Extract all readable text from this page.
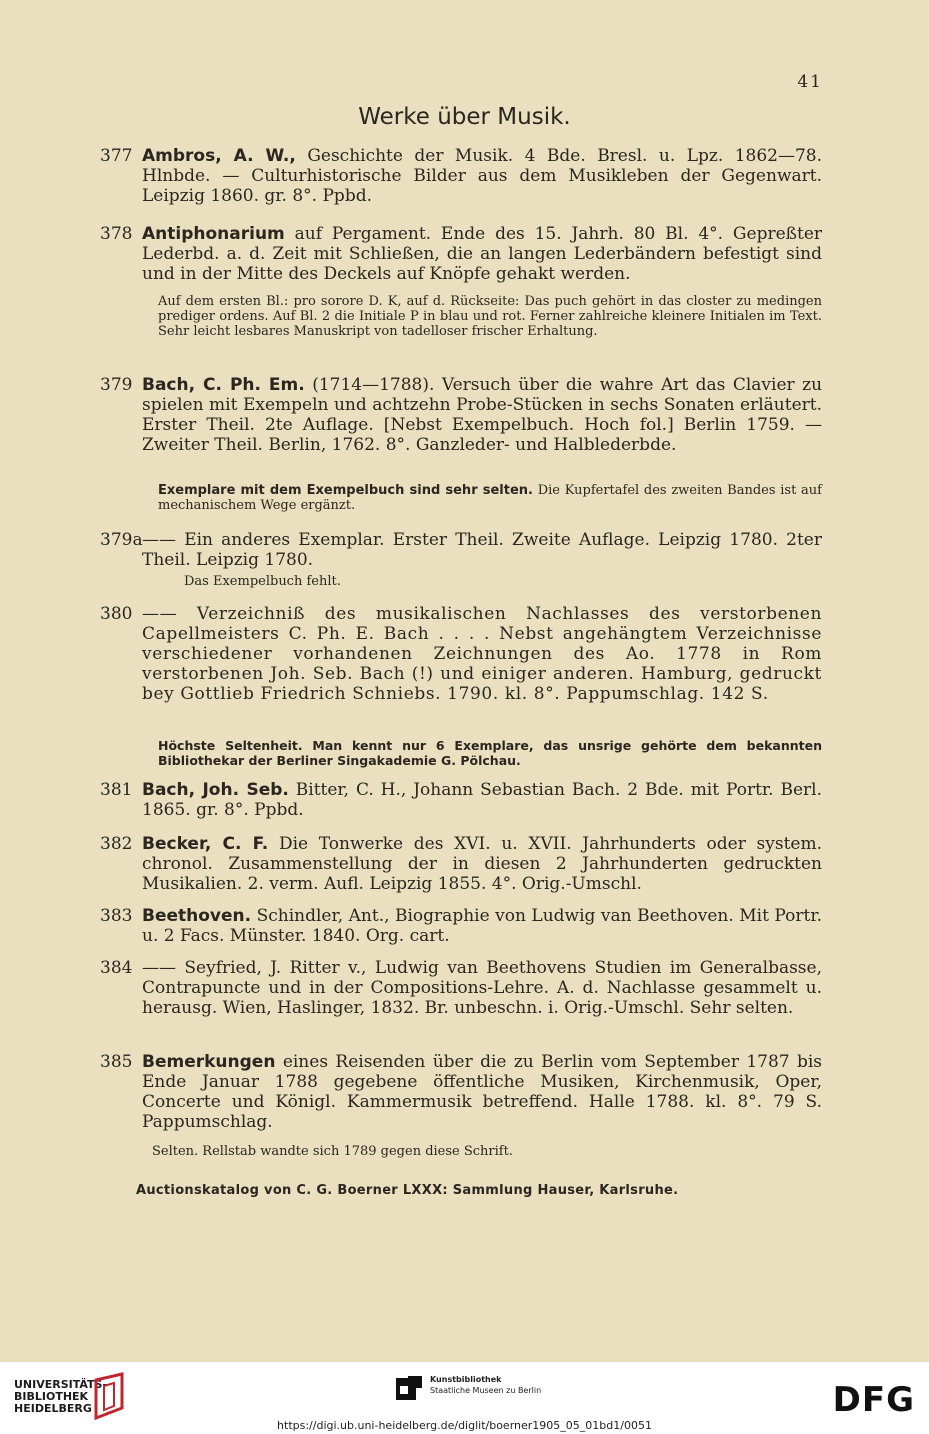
41
Werke über Musik.
377 Ambros, A. W., Geschichte der Musik. 4 Bde. Bresl. u. Lpz. 1862—78. Hlnbde. — Culturhistorische Bilder aus dem Musikleben der Gegenwart. Leipzig 1860. gr. 8°. Ppbd.
378 Antiphonarium auf Pergament. Ende des 15. Jahrh. 80 Bl. 4°. Gepreßter Lederbd. a. d. Zeit mit Schließen, die an langen Lederbändern befestigt sind und in der Mitte des Deckels auf Knöpfe gehakt werden.
Auf dem ersten Bl.: pro sorore D. K, auf d. Rückseite: Das puch gehört in das closter zu medingen prediger ordens. Auf Bl. 2 die Initiale P in blau und rot. Ferner zahlreiche kleinere Initialen im Text. Sehr leicht lesbares Manuskript von tadelloser frischer Erhaltung.
379 Bach, C. Ph. Em. (1714—1788). Versuch über die wahre Art das Clavier zu spielen mit Exempeln und achtzehn Probe-Stücken in sechs Sonaten erläutert. Erster Theil. 2te Auflage. [Nebst Exempelbuch. Hoch fol.] Berlin 1759. — Zweiter Theil. Berlin, 1762. 8°. Ganzleder- und Halblederbde.
Exemplare mit dem Exempelbuch sind sehr selten. Die Kupfertafel des zweiten Bandes ist auf mechanischem Wege ergänzt.
379a —— Ein anderes Exemplar. Erster Theil. Zweite Auflage. Leipzig 1780. 2ter Theil. Leipzig 1780.
Das Exempelbuch fehlt.
380 —— Verzeichniß des musikalischen Nachlasses des verstorbenen Capellmeisters C. Ph. E. Bach . . . . Nebst angehängtem Verzeichnisse verschiedener vorhandenen Zeichnungen des Ao. 1778 in Rom verstorbenen Joh. Seb. Bach (!) und einiger anderen. Hamburg, gedruckt bey Gottlieb Friedrich Schniebs. 1790. kl. 8°. Pappumschlag. 142 S.
Höchste Seltenheit. Man kennt nur 6 Exemplare, das unsrige gehörte dem bekannten Bibliothekar der Berliner Singakademie G. Pölchau.
381 Bach, Joh. Seb. Bitter, C. H., Johann Sebastian Bach. 2 Bde. mit Portr. Berl. 1865. gr. 8°. Ppbd.
382 Becker, C. F. Die Tonwerke des XVI. u. XVII. Jahrhunderts oder system. chronol. Zusammenstellung der in diesen 2 Jahrhunderten gedruckten Musikalien. 2. verm. Aufl. Leipzig 1855. 4°. Orig.-Umschl.
383 Beethoven. Schindler, Ant., Biographie von Ludwig van Beethoven. Mit Portr. u. 2 Facs. Münster. 1840. Org. cart.
384 —— Seyfried, J. Ritter v., Ludwig van Beethovens Studien im Generalbasse, Contrapuncte und in der Compositions-Lehre. A. d. Nachlasse gesammelt u. herausg. Wien, Haslinger, 1832. Br. unbeschn. i. Orig.-Umschl. Sehr selten.
385 Bemerkungen eines Reisenden über die zu Berlin vom September 1787 bis Ende Januar 1788 gegebene öffentliche Musiken, Kirchenmusik, Oper, Concerte und Königl. Kammermusik betreffend. Halle 1788. kl. 8°. 79 S. Pappumschlag.
Selten. Rellstab wandte sich 1789 gegen diese Schrift.
Auctionskatalog von C. G. Boerner LXXX: Sammlung Hauser, Karlsruhe.
UNIVERSITÄTS-
BIBLIOTHEK
HEIDELBERG
Kunstbibliothek
Staatliche Museen zu Berlin	DFG
https://digi.ub.uni-heidelberg.de/diglit/boerner1905_05_01bd1/0051
